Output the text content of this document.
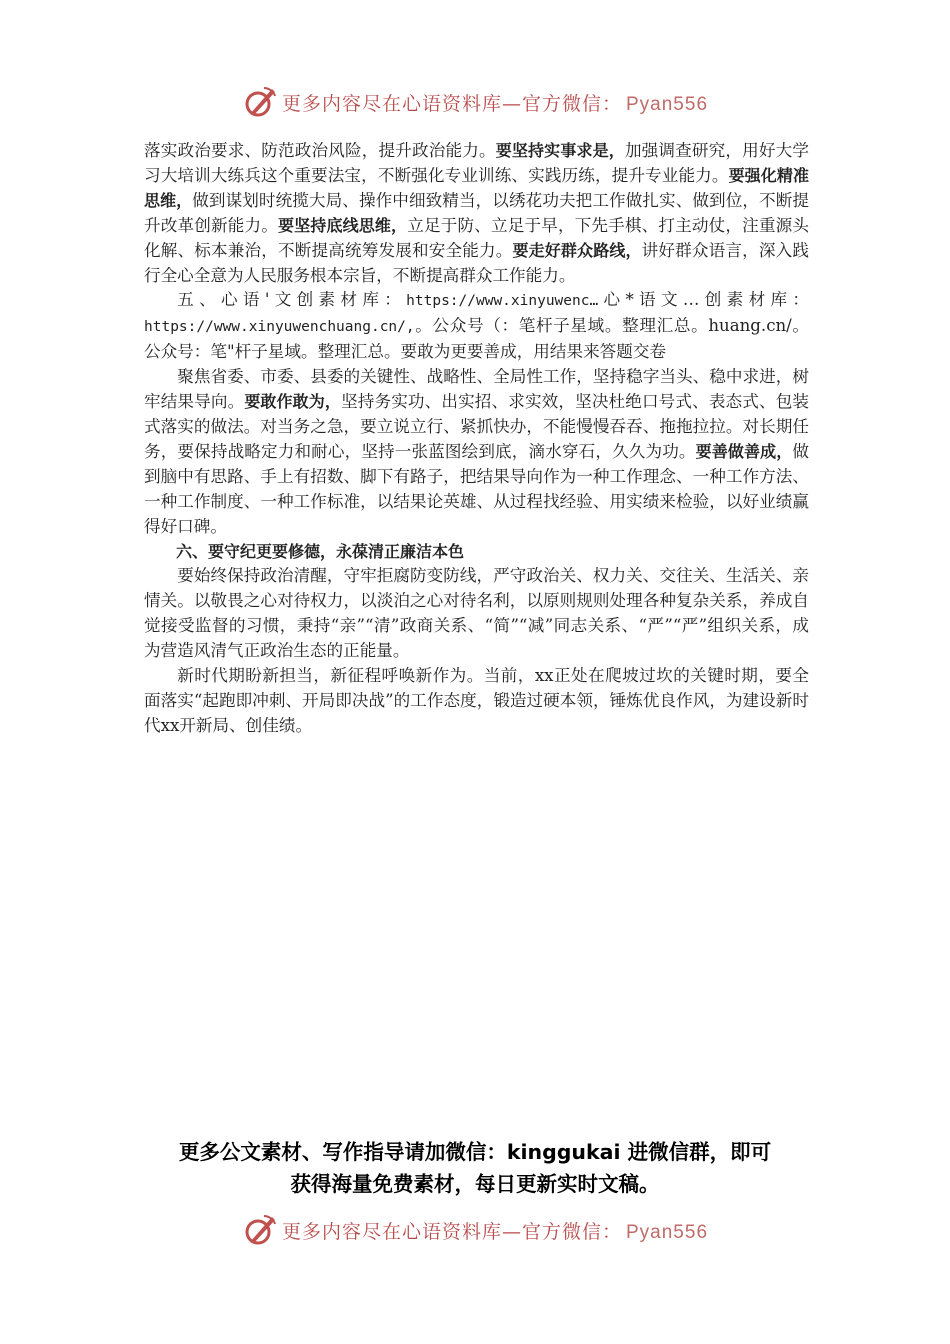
更多内容尽在心语资料库—官方微信： Pyan556

落实政治要求、防范政治风险，提升政治能力。要坚持实事求是，加强调查研究，用好大学习大培训大练兵这个重要法宝，不断强化专业训练、实践历练，提升专业能力。要强化精准思维，做到谋划时统揽大局、操作中细致精当，以绣花功夫把工作做扎实、做到位，不断提升改革创新能力。要坚持底线思维，立足于防、立足于早，下先手棋、打主动仗，注重源头化解、标本兼治，不断提高统筹发展和安全能力。要走好群众路线，讲好群众语言，深入践行全心全意为人民服务根本宗旨，不断提高群众工作能力。

五、心语'文创素材库：https://www.xinyuwenc…心*语文…创素材库：https://www.xinyuwenchuang.cn/,。公众号（：笔杆子星域。整理汇总。huang.cn/。公众号：笔"杆子星域。整理汇总。要敢为更要善成，用结果来答题交卷

聚焦省委、市委、县委的关键性、战略性、全局性工作，坚持稳字当头、稳中求进，树牢结果导向。要敢作敢为，坚持务实功、出实招、求实效，坚决杜绝口号式、表态式、包装式落实的做法。对当务之急，要立说立行、紧抓快办，不能慢慢吞吞、拖拖拉拉。对长期任务，要保持战略定力和耐心，坚持一张蓝图绘到底，滴水穿石，久久为功。要善做善成，做到脑中有思路、手上有招数、脚下有路子，把结果导向作为一种工作理念、一种工作方法、一种工作制度、一种工作标准，以结果论英雄、从过程找经验、用实绩来检验，以好业绩赢得好口碑。

六、要守纪更要修德，永葆清正廉洁本色

要始终保持政治清醒，守牢拒腐防变防线，严守政治关、权力关、交往关、生活关、亲情关。以敬畏之心对待权力，以淡泊之心对待名利，以原则规则处理各种复杂关系，养成自觉接受监督的习惯，秉持“亲”“清”政商关系、“简”“减”同志关系、“严”“严”组织关系，成为营造风清气正政治生态的正能量。

新时代期盼新担当，新征程呼唤新作为。当前，xx正处在爬坡过坎的关键时期，要全面落实“起跑即冲刺、开局即决战”的工作态度，锻造过硬本领，锤炼优良作风，为建设新时代xx开新局、创佳绩。

更多公文素材、写作指导请加微信：kinggukai 进微信群，即可
获得海量免费素材，每日更新实时文稿。
更多内容尽在心语资料库—官方微信： Pyan556
